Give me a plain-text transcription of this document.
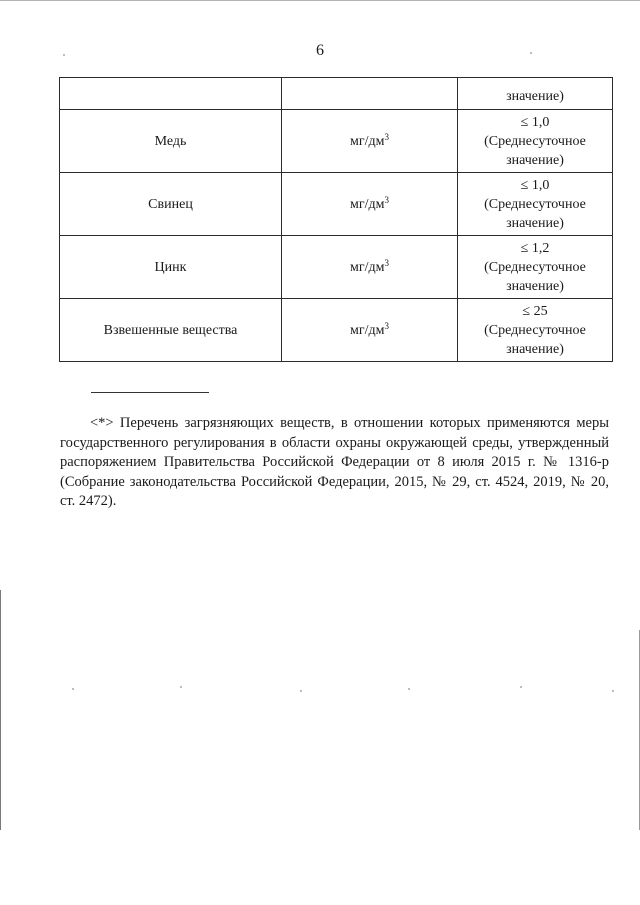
6

		значение)

Медь	$мг/дм^3$	≤ 1,0
(Среднесуточное
значение)

Свинец	$мг/дм^3$	≤ 1,0
(Среднесуточное
значение)

Цинк	$мг/дм^3$	≤ 1,2
(Среднесуточное
значение)

Взвешенные вещества	$мг/дм^3$	≤ 25
(Среднесуточное
значение)

<*> Перечень загрязняющих веществ, в отношении которых применяются меры государственного регулирования в области охраны окружающей среды, утвержденный распоряжением Правительства Российской Федерации от 8 июля 2015 г. № 1316-р (Собрание законодательства Российской Федерации, 2015, № 29, ст. 4524, 2019, № 20, ст. 2472).
